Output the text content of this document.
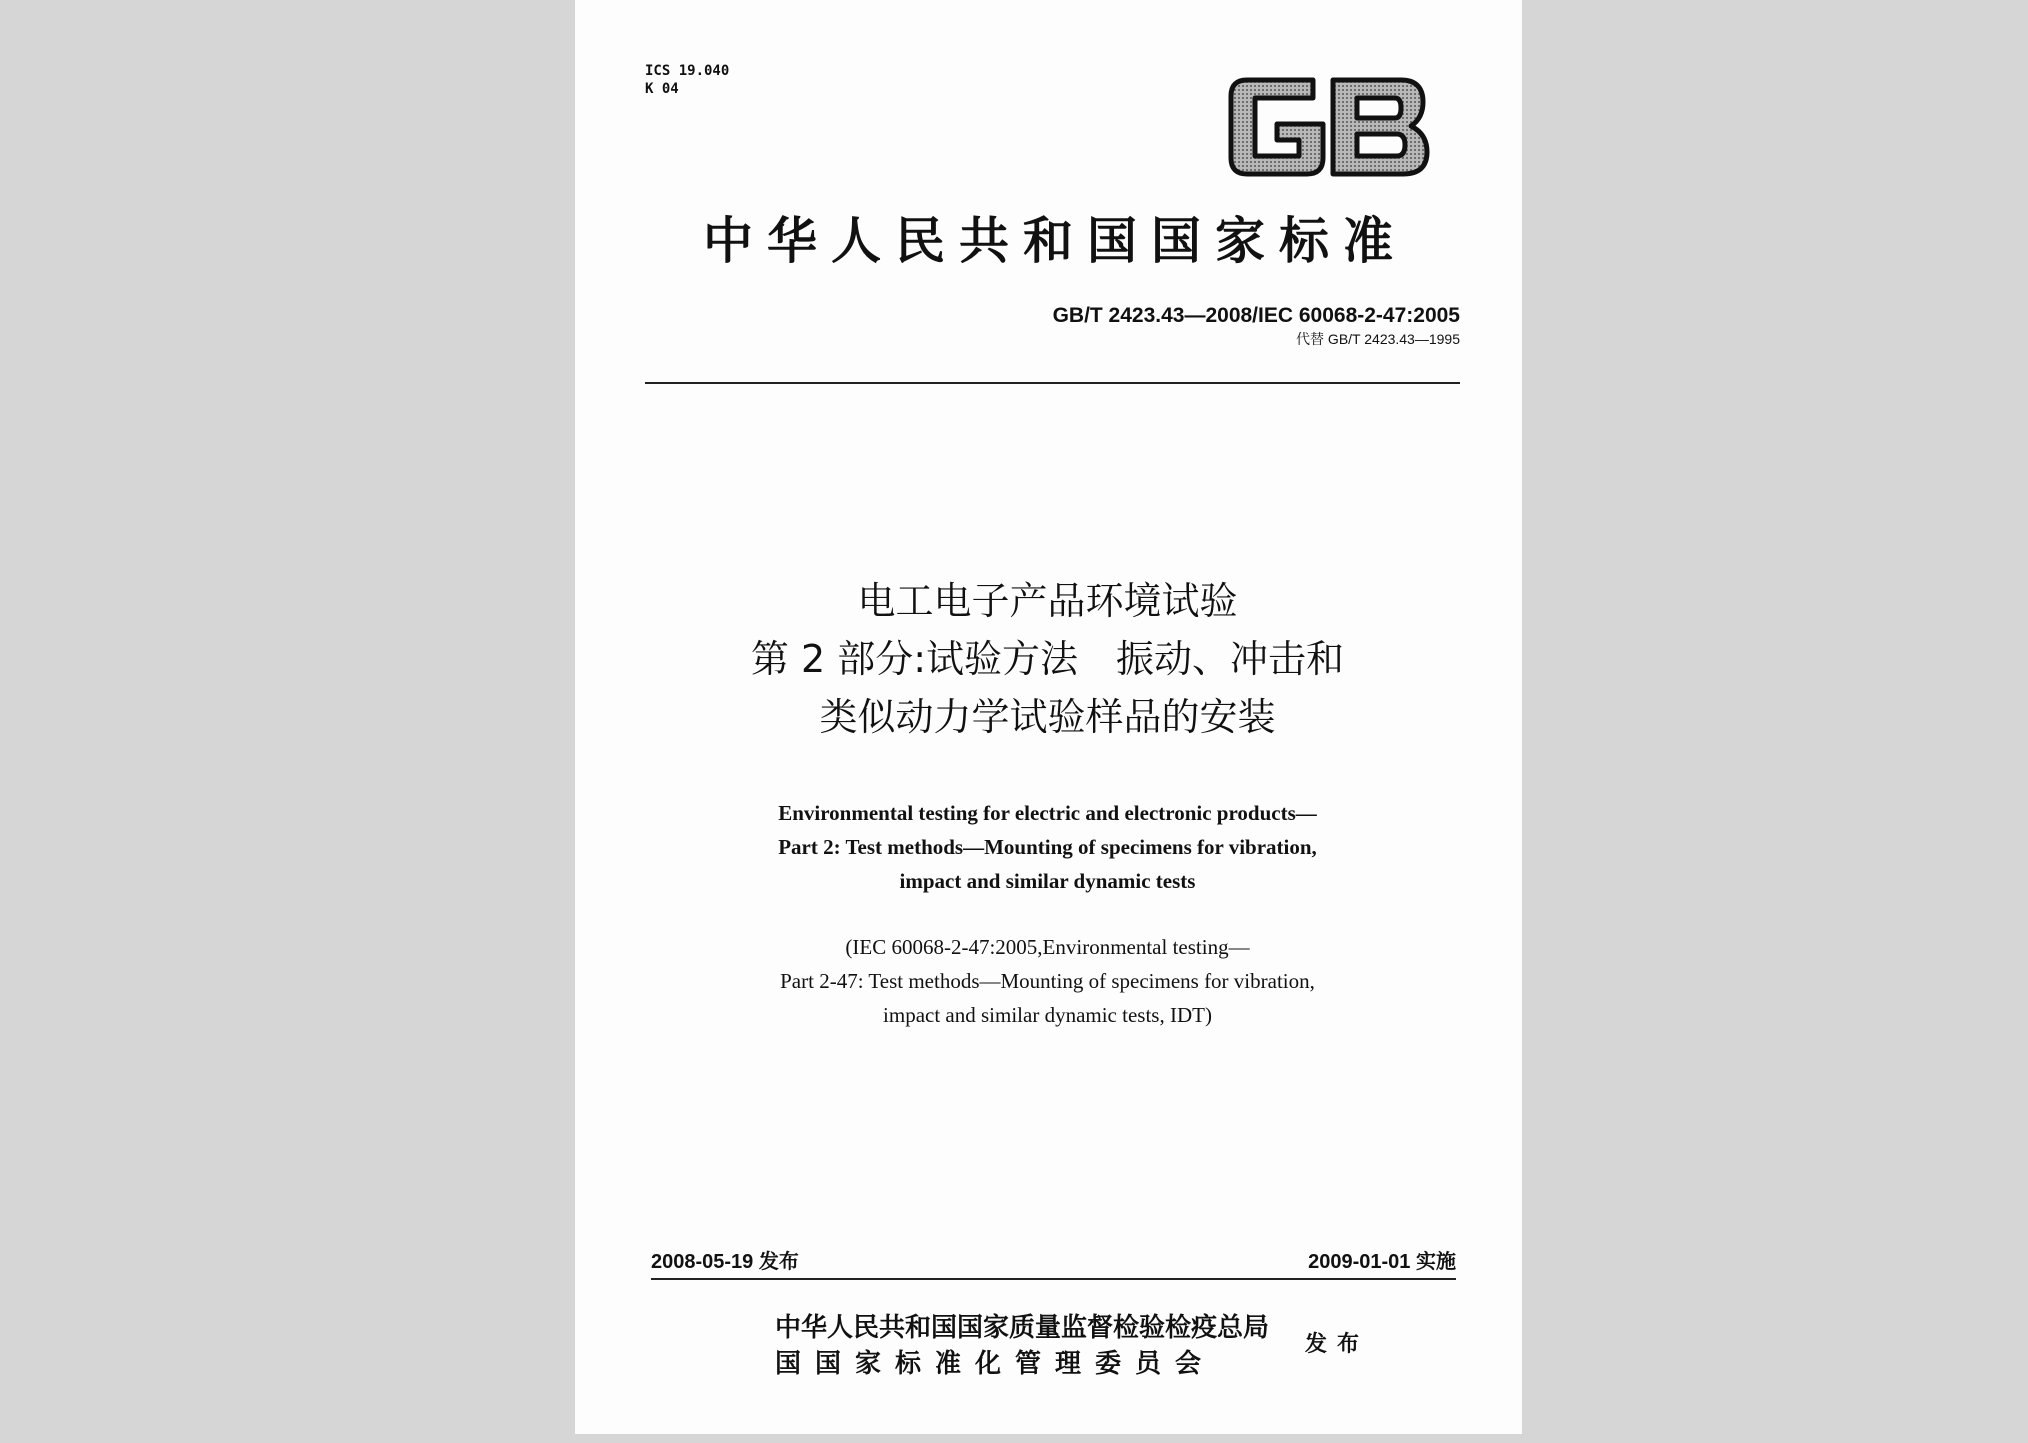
ICS 19.040
K 04
中华人民共和国国家标准
GB/T 2423.43—2008/IEC 60068-2-47:2005
代替 GB/T 2423.43—1995
电工电子产品环境试验
第 2 部分:试验方法　振动、冲击和
类似动力学试验样品的安装
Environmental testing for electric and electronic products—
Part 2: Test methods—Mounting of specimens for vibration,
impact and similar dynamic tests
(IEC 60068-2-47:2005,Environmental testing—
Part 2-47: Test methods—Mounting of specimens for vibration,
impact and similar dynamic tests, IDT)
2008-05-19 发布	2009-01-01 实施
中华人民共和国国家质量监督检验检疫总局
国国家标准化管理委员会
发布
